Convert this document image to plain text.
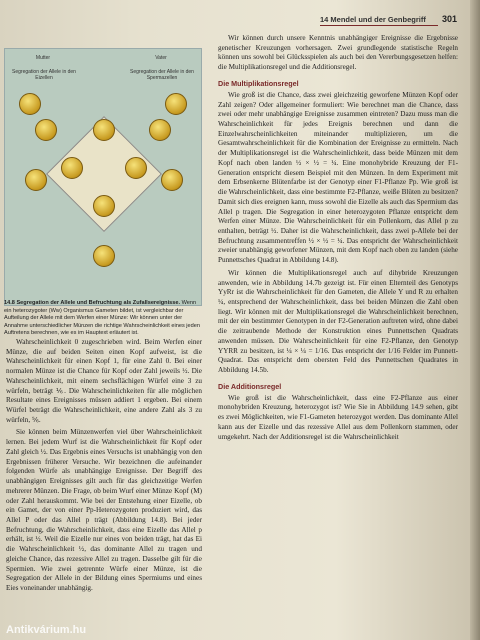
14 Mendel und der Genbegriff 301
Mutter	Vater
Segregation der Allele in den Eizellen
Segregation der Allele in den Spermazellen
14.8 Segregation der Allele und Befruchtung als Zufallsereignisse. Wenn ein heterozygoter (Ww) Organismus Gameten bildet, ist vergleichbar der Aufteilung der Allele mit dem Werfen einer Münze: Wir können unter der Annahme unterschiedlicher Münzen die richtige Wahrscheinlichkeit eines jeden Auftretens berechnen, wie es im Hauptext erläutert ist.

Wahrscheinlichkeit 0 zugeschrieben wird. Beim Werfen einer Münze, die auf beiden Seiten einen Kopf aufweist, ist die Wahrscheinlichkeit für einen Kopf 1, für eine Zahl 0. Bei einer normalen Münze ist die Chance für Kopf oder Zahl jeweils ½. Die Wahrscheinlichkeit, mit einem sechsflächigen Würfel eine 3 zu würfeln, beträgt ⅙. Die Wahrscheinlichkeiten für alle möglichen Resultate eines Ereignisses müssen addiert 1 ergeben. Bei einem Würfel beträgt die Wahrscheinlichkeit, eine andere Zahl als 3 zu würfeln, ⅚.

Sie können beim Münzenwerfen viel über Wahrscheinlichkeit lernen. Bei jedem Wurf ist die Wahrscheinlichkeit für Kopf oder Zahl gleich ½. Das Ergebnis eines Versuchs ist unabhängig von den Ergebnissen früherer Versuche. Wir bezeichnen die aufeinander folgenden Würfe als unabhängige Ereignisse. Der Begriff des unabhängigen Ereignisses gilt auch für das gleichzeitige Werfen mehrerer Münzen. Die Frage, ob beim Wurf einer Münze Kopf (M) oder Zahl herauskommt. Wie bei der Entstehung einer Eizelle, ob ein Gamet, der von einer Pp-Heterozygoten produziert wird, das Allel P oder das Allel p trägt (Abbildung 14.8). Bei jeder Befruchtung, die Wahrscheinlichkeit, dass eine Eizelle das Allel p erhält, ist ½. Weil die Eizelle nur eines von beiden trägt, hat das Ei die Wahrscheinlichkeit ½, das dominante Allel zu tragen und gleiche Chance, das rezessive Allel zu tragen. Dasselbe gilt für die Spermien. Wie zwei getrennte Würfe einer Münze, ist die Segregation der Allele in der Bildung eines Spermiums und eines Eies voneinander unabhängig.

Wir können durch unsere Kenntnis unabhängiger Ereignisse die Ergebnisse genetischer Kreuzungen vorhersagen. Zwei grundlegende statistische Regeln können uns sowohl bei Glücksspielen als auch bei den Vererbungsgesetzen helfen: die Multiplikationsregel und die Additionsregel.

Die Multiplikationsregel

Wie groß ist die Chance, dass zwei gleichzeitig geworfene Münzen Kopf oder Zahl zeigen? Oder allgemeiner formuliert: Wie berechnet man die Chance, dass zwei oder mehr unabhängige Ereignisse zusammen eintreten? Dazu muss man die Wahrscheinlichkeit für jedes Ereignis berechnen und dann die Einzelwahrscheinlichkeiten miteinander multiplizieren, um die Gesamtwahrscheinlichkeit für die Kombination der Ereignisse zu ermitteln. Nach der Multiplikationsregel ist die Wahrscheinlichkeit, dass beide Münzen mit dem Kopf nach oben landen ½ × ½ = ¼. Eine monohybride Kreuzung der F1-Generation entspricht diesem Beispiel mit den Münzen. In dem Experiment mit dem Erbsenkerne Blütenfarbe ist der Genotyp einer F1-Pflanze Pp. Wie groß ist die Wahrscheinlichkeit, dass eine bestimmte F2-Pflanze, weiße Blüten zu besitzen? Damit sich dies ereignen kann, muss sowohl die Eizelle als auch das Spermium das Allel p tragen. Die Segregation in einer heterozygoten Pflanze entspricht dem Werfen einer Münze. Die Wahrscheinlichkeit für ein Pollenkorn, das Allel p zu enthalten, beträgt ½. Daher ist die Wahrscheinlichkeit, dass zwei p-Allele bei der Befruchtung zusammentreffen ½ × ½ = ¼. Das entspricht der Wahrscheinlichkeit zweier unabhängig geworfener Münzen, mit dem Kopf nach oben zu landen (siehe Punnettsches Quadrat in Abbildung 14.8).

Wir können die Multiplikationsregel auch auf dihybride Kreuzungen anwenden, wie in Abbildung 14.7b gezeigt ist. Für einen Elternteil des Genotyps YyRr ist die Wahrscheinlichkeit für den Gameten, die Allele Y und R zu erhalten ¼, entsprechend der Wahrscheinlichkeit, dass bei beiden Münzen die Zahl oben liegt. Wir können mit der Multiplikationsregel die Wahrscheinlichkeit berechnen, mit der ein bestimmter Genotypen in der F2-Generation auftreten wird, ohne dabei die zeitraubende Methode der Konstruktion eines Punnettschen Quadrats anwenden müssen. Die Wahrscheinlichkeit für eine F2-Pflanze, den Genotyp YYRR zu besitzen, ist ¼ × ¼ = 1/16. Das entspricht der 1/16 Felder im Punnett-Quadrat. Das entspricht dem obersten Feld des Punnettschen Quadrates in Abbildung 14.5b.

Die Additionsregel

Wie groß ist die Wahrscheinlichkeit, dass eine F2-Pflanze aus einer monohybriden Kreuzung, heterozygot ist? Wie Sie in Abbildung 14.9 sehen, gibt es zwei Möglichkeiten, wie F1-Gameten heterozygot werden. Das dominante Allel kann aus der Eizelle und das rezessive Allel aus dem Pollenkorn stammen, oder umgekehrt. Nach der Additionsregel ist die Wahrscheinlichkeit

Antikvárium.hu
